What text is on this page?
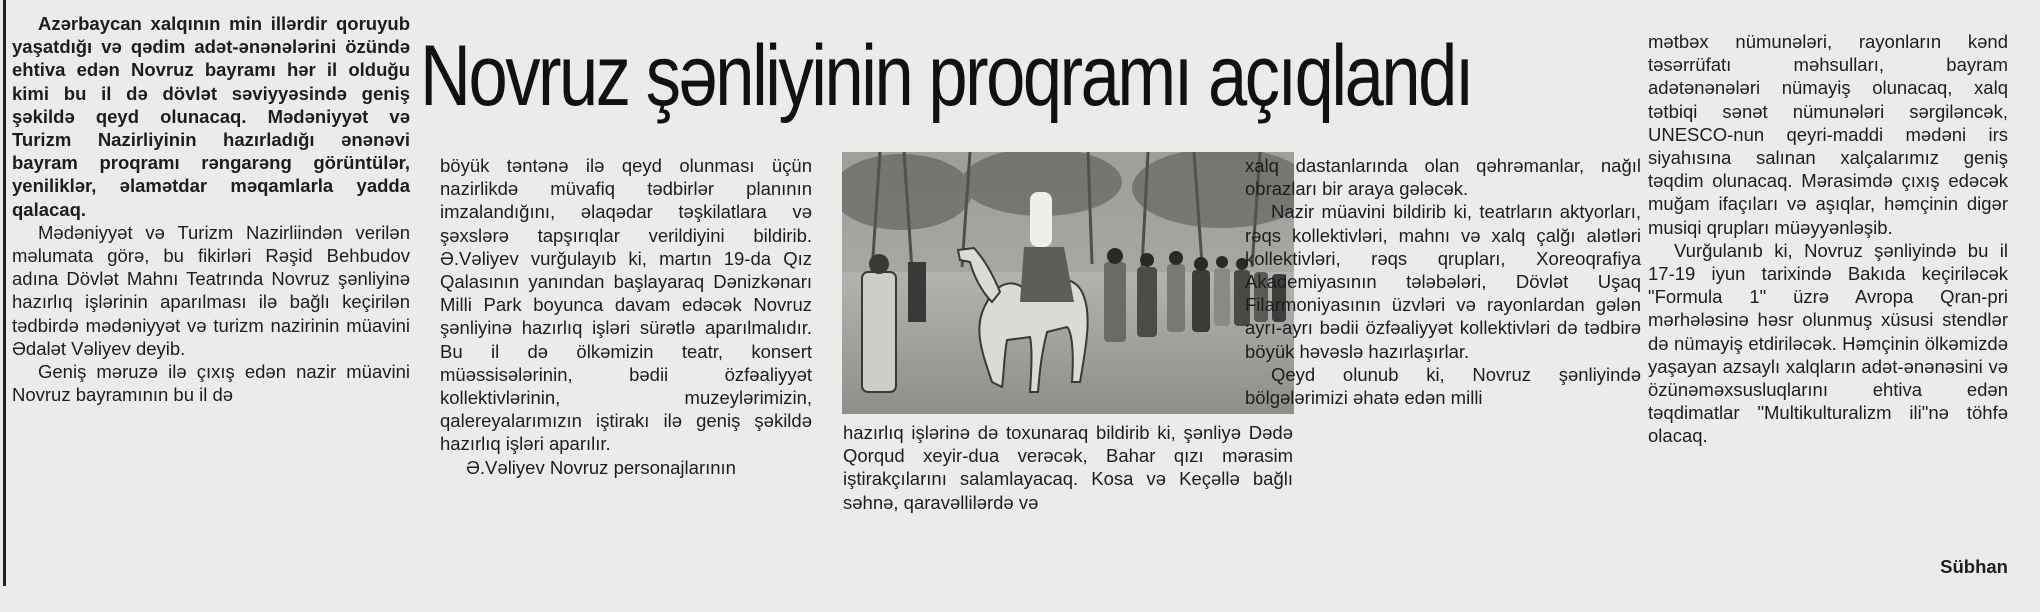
Novruz şənliyinin proqramı açıqlandı

Azərbaycan xalqının min illərdir qoruyub yaşatdığı və qədim adət-ənənələrini özündə ehtiva edən Novruz bayramı hər il olduğu kimi bu il də dövlət səviyyəsində geniş şəkildə qeyd olunacaq. Mədəniyyət və Turizm Nazirliyinin hazırladığı ənənəvi bayram proqramı rəngarəng görüntülər, yeniliklər, əlamətdar məqamlarla yadda qalacaq.

Mədəniyyət və Turizm Nazirliindən verilən məlumata görə, bu fikirləri Rəşid Behbudov adına Dövlət Mahnı Teatrında Novruz şənliyinə hazırlıq işlərinin aparılması ilə bağlı keçirilən tədbirdə mədəniyyət və turizm nazirinin müavini Ədalət Vəliyev deyib.

Geniş məruzə ilə çıxış edən nazir müavini Novruz bayramının bu il də

böyük təntənə ilə qeyd olunması üçün nazirlikdə müvafiq tədbirlər planının imzalandığını, əlaqədar təşkilatlara və şəxslərə tapşırıqlar verildiyini bildirib. Ə.Vəliyev vurğulayıb ki, martın 19-da Qız Qalasının yanından başlayaraq Dənizkənarı Milli Park boyunca davam edəcək Novruz şənliyinə hazırlıq işləri sürətlə aparılmalıdır. Bu il də ölkəmizin teatr, konsert müəssisələrinin, bədii özfəaliyyət kollektivlərinin, muzeylərimizin, qalereyalarımızın iştirakı ilə geniş şəkildə hazırlıq işləri aparılır.

Ə.Vəliyev Novruz personajlarının

hazırlıq işlərinə də toxunaraq bildirib ki, şənliyə Dədə Qorqud xeyir-dua verəcək, Bahar qızı mərasim iştirakçılarını salamlayacaq. Kosa və Keçəllə bağlı səhnə, qaravəllilərdə və

xalq dastanlarında olan qəhrəmanlar, nağıl obrazları bir araya gələcək.

Nazir müavini bildirib ki, teatrların aktyorları, rəqs kollektivləri, mahnı və xalq çalğı alətləri kollektivləri, rəqs qrupları, Xoreoqrafiya Akademiyasının tələbələri, Dövlət Uşaq Filarmoniyasının üzvləri və rayonlardan gələn ayrı-ayrı bədii özfəaliyyət kollektivləri də tədbirə böyük həvəslə hazırlaşırlar.

Qeyd olunub ki, Novruz şənliyində bölgələrimizi əhatə edən milli

mətbəx nümunələri, rayonların kənd təsərrüfatı məhsulları, bayram adətənənələri nümayiş olunacaq, xalq tətbiqi sənət nümunələri sərgiləncək, UNESCO-nun qeyri-maddi mədəni irs siyahısına salınan xalçalarımız geniş təqdim olunacaq. Mərasimdə çıxış edəcək muğam ifaçıları və aşıqlar, həmçinin digər musiqi qrupları müəyyənləşib.

Vurğulanıb ki, Novruz şənliyində bu il 17-19 iyun tarixində Bakıda keçiriləcək "Formula 1" üzrə Avropa Qran-pri mərhələsinə həsr olunmuş xüsusi stendlər də nümayiş etdiriləcək. Həmçinin ölkəmizdə yaşayan azsaylı xalqların adət-ənənəsini və özünəməxsusluqlarını ehtiva edən təqdimatlar "Multikulturalizm ili"nə töhfə olacaq.

Sübhan
